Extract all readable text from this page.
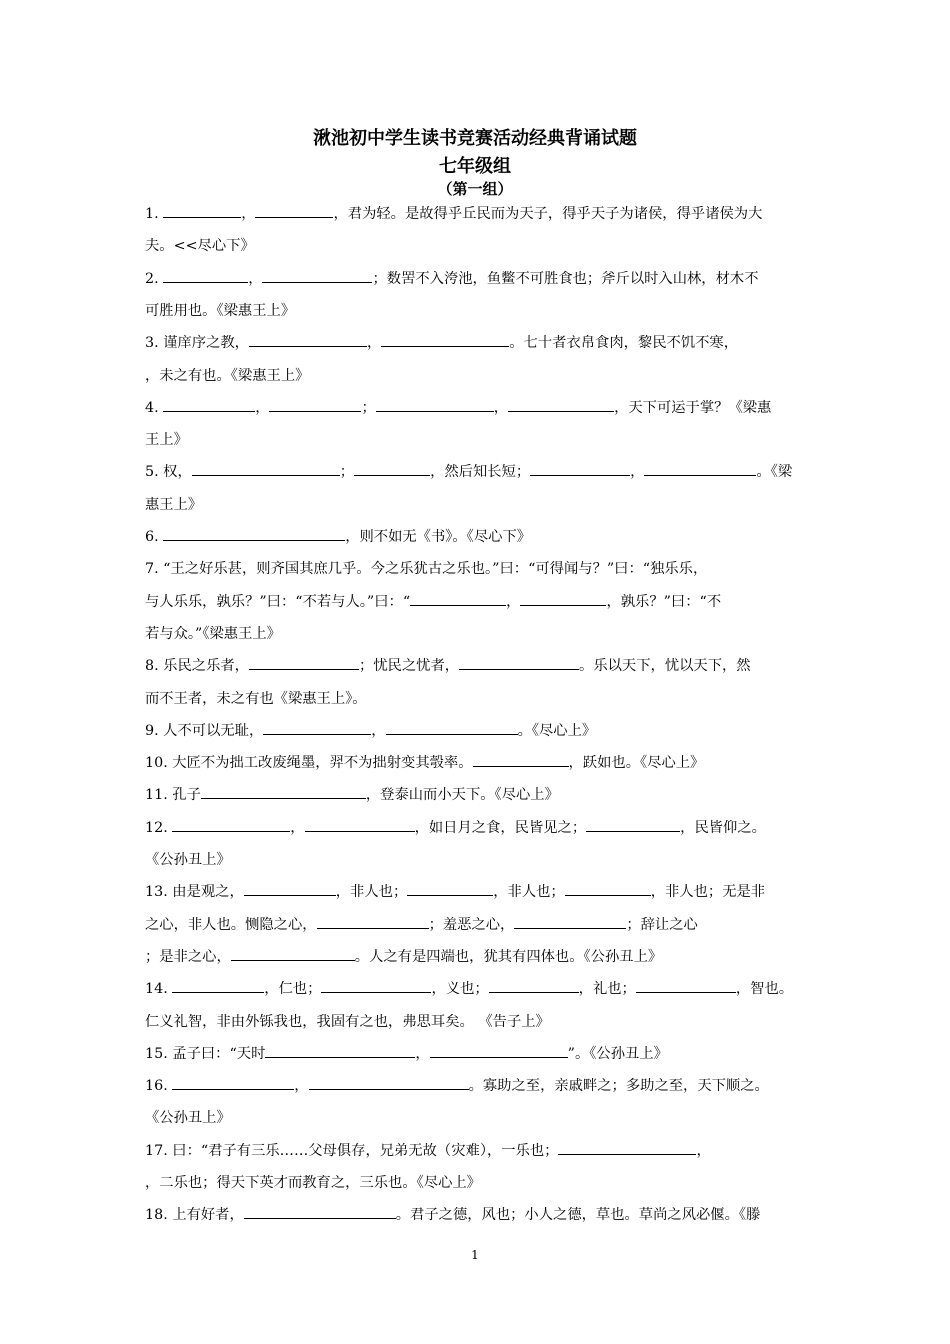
湫池初中学生读书竞赛活动经典背诵试题
七年级组
（第一组）
1.	，	，君为轻。是故得乎丘民而为天子，得乎天子为诸侯，得乎诸侯为大
夫。<<尽心下》
2.	，	；数罟不入洿池，鱼鳖不可胜食也；斧斤以时入山林，材木不
可胜用也。《梁惠王上》
3. 谨庠序之教，	，	。七十者衣帛食肉，黎民不饥不寒，
，未之有也。《梁惠王上》
4.	，	；	，	，天下可运于掌？《梁惠
王上》
5. 权，	；	，然后知长短；	，	。《梁
惠王上》
6.	，则不如无《书》。《尽心下》
7. “王之好乐甚，则齐国其庶几乎。今之乐犹古之乐也。”曰：“可得闻与？”曰：“独乐乐，
与人乐乐，孰乐？”曰：“不若与人。”曰：“	，	，孰乐？”曰：“不
若与众。”《梁惠王上》
8. 乐民之乐者，	；忧民之忧者，	。乐以天下，忧以天下，然
而不王者，未之有也《梁惠王上》。
9. 人不可以无耻，	，	。《尽心上》
10. 大匠不为拙工改废绳墨，羿不为拙射变其彀率。	，跃如也。《尽心上》
11. 孔子	，登泰山而小天下。《尽心上》
12.	，	，如日月之食，民皆见之；	，民皆仰之。
《公孙丑上》
13. 由是观之，	，非人也；	，非人也；	，非人也；无是非
之心，非人也。恻隐之心，	；羞恶之心，	；辞让之心
；是非之心，	。人之有是四端也，犹其有四体也。《公孙丑上》
14.	，仁也；	，义也；	，礼也；	，智也。
仁义礼智，非由外铄我也，我固有之也，弗思耳矣。 《告子上》
15. 孟子曰：“天时	，	”。《公孙丑上》
16.	，	。寡助之至，亲戚畔之；多助之至，天下顺之。
《公孙丑上》
17. 曰：“君子有三乐……父母俱存，兄弟无故（灾难），一乐也；	，
，二乐也；得天下英才而教育之，三乐也。《尽心上》
18. 上有好者，	。君子之德，风也；小人之德，草也。草尚之风必偃。《滕
1
